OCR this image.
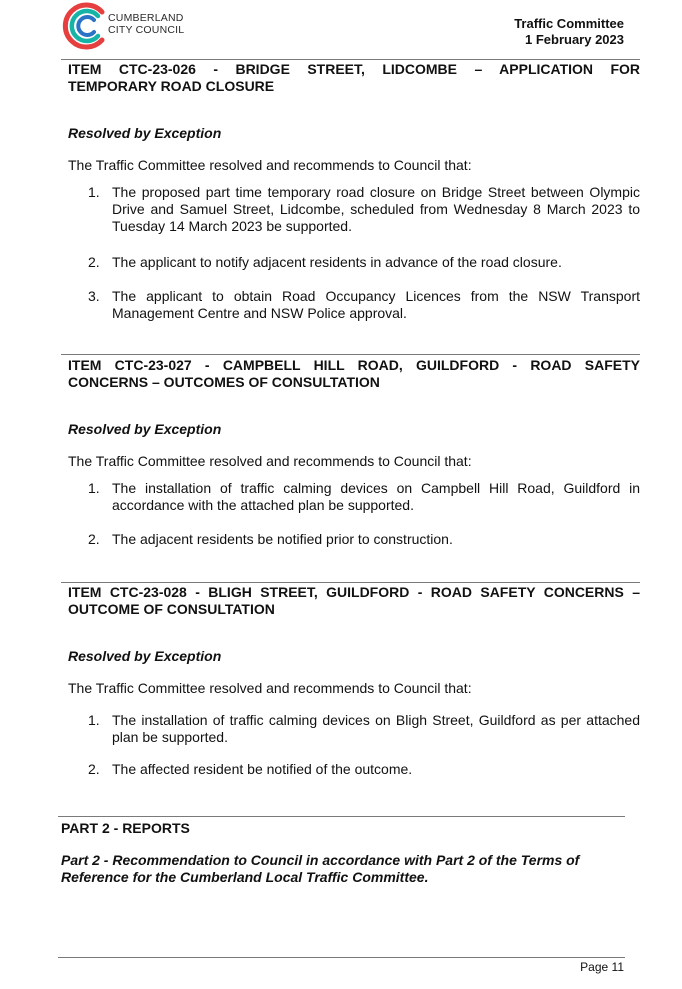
CUMBERLAND
CITY COUNCIL	Traffic Committee
1 February 2023
ITEM CTC-23-026 - BRIDGE STREET, LIDCOMBE – APPLICATION FOR
TEMPORARY ROAD CLOSURE
Resolved by Exception
The Traffic Committee resolved and recommends to Council that:
1. The proposed part time temporary road closure on Bridge Street between Olympic Drive and Samuel Street, Lidcombe, scheduled from Wednesday 8 March 2023 to Tuesday 14 March 2023 be supported.
2. The applicant to notify adjacent residents in advance of the road closure.
3. The applicant to obtain Road Occupancy Licences from the NSW Transport Management Centre and NSW Police approval.
ITEM CTC-23-027 - CAMPBELL HILL ROAD, GUILDFORD - ROAD SAFETY
CONCERNS – OUTCOMES OF CONSULTATION
Resolved by Exception
The Traffic Committee resolved and recommends to Council that:
1. The installation of traffic calming devices on Campbell Hill Road, Guildford in accordance with the attached plan be supported.
2. The adjacent residents be notified prior to construction.
ITEM CTC-23-028 - BLIGH STREET, GUILDFORD - ROAD SAFETY CONCERNS –
OUTCOME OF CONSULTATION
Resolved by Exception
The Traffic Committee resolved and recommends to Council that:
1. The installation of traffic calming devices on Bligh Street, Guildford as per attached plan be supported.
2. The affected resident be notified of the outcome.
PART 2 - REPORTS
Part 2 - Recommendation to Council in accordance with Part 2 of the Terms of Reference for the Cumberland Local Traffic Committee.
Page 11
